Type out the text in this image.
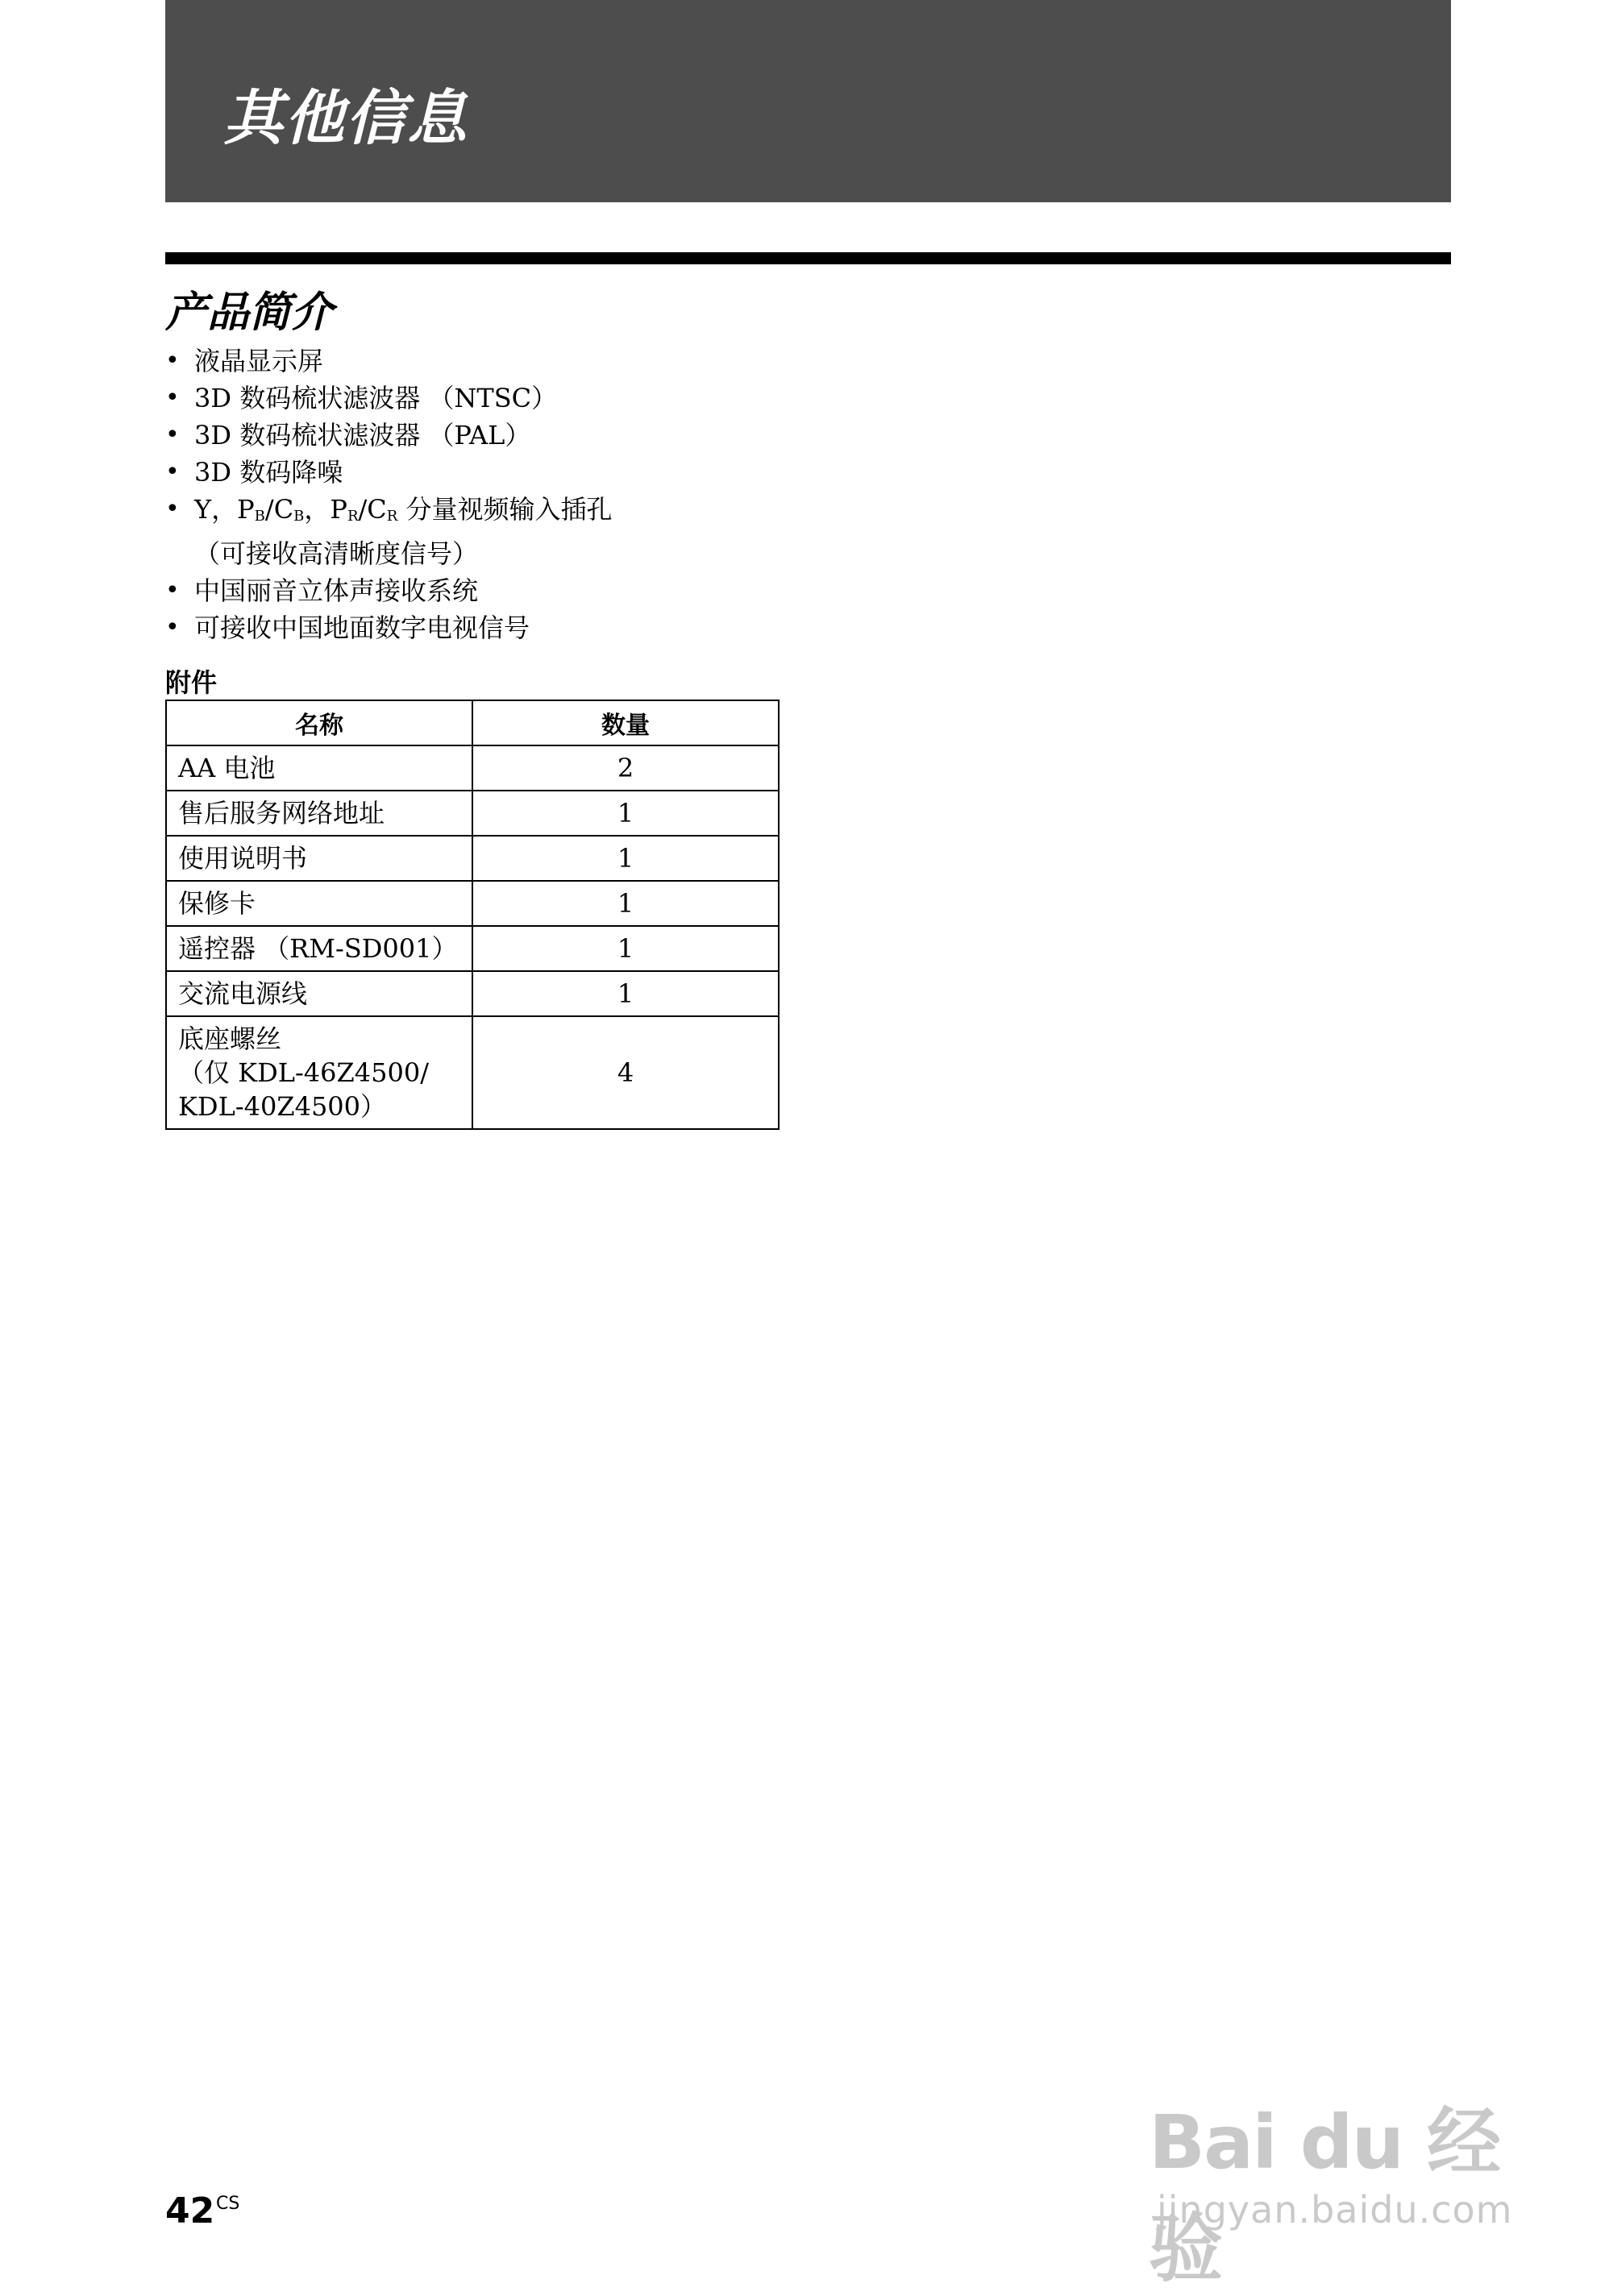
其他信息
产品简介
• 液晶显示屏
• 3D 数码梳状滤波器 （NTSC）
• 3D 数码梳状滤波器 （PAL）
• 3D 数码降噪
• Y，PB/CB，PR/CR 分量视频输入插孔
（可接收高清晰度信号）
• 中国丽音立体声接收系统
• 可接收中国地面数字电视信号
附件
名称	数量
AA 电池	2
售后服务网络地址	1
使用说明书	1
保修卡	1
遥控器 （RM-SD001）	1
交流电源线	1

底座螺丝
（仅 KDL-46Z4500/
KDL-40Z4500）	4
Bai du 经验
jingyan.baidu.com
42 CS
